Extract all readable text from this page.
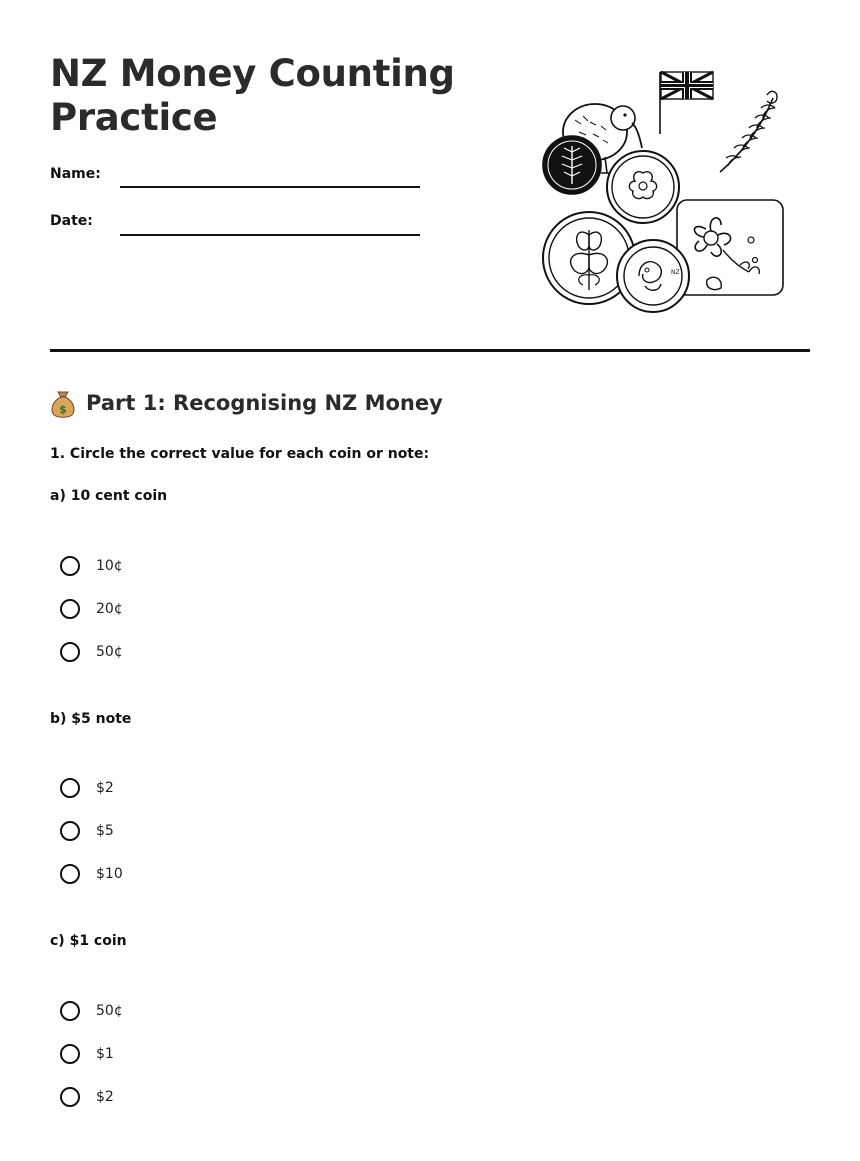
NZ Money Counting Practice
Name:
Date:
NZ
$ Part 1: Recognising NZ Money
1. Circle the correct value for each coin or note:
a) 10 cent coin
10¢
20¢
50¢
b) $5 note
$2
$5
$10
c) $1 coin
50¢
$1
$2
